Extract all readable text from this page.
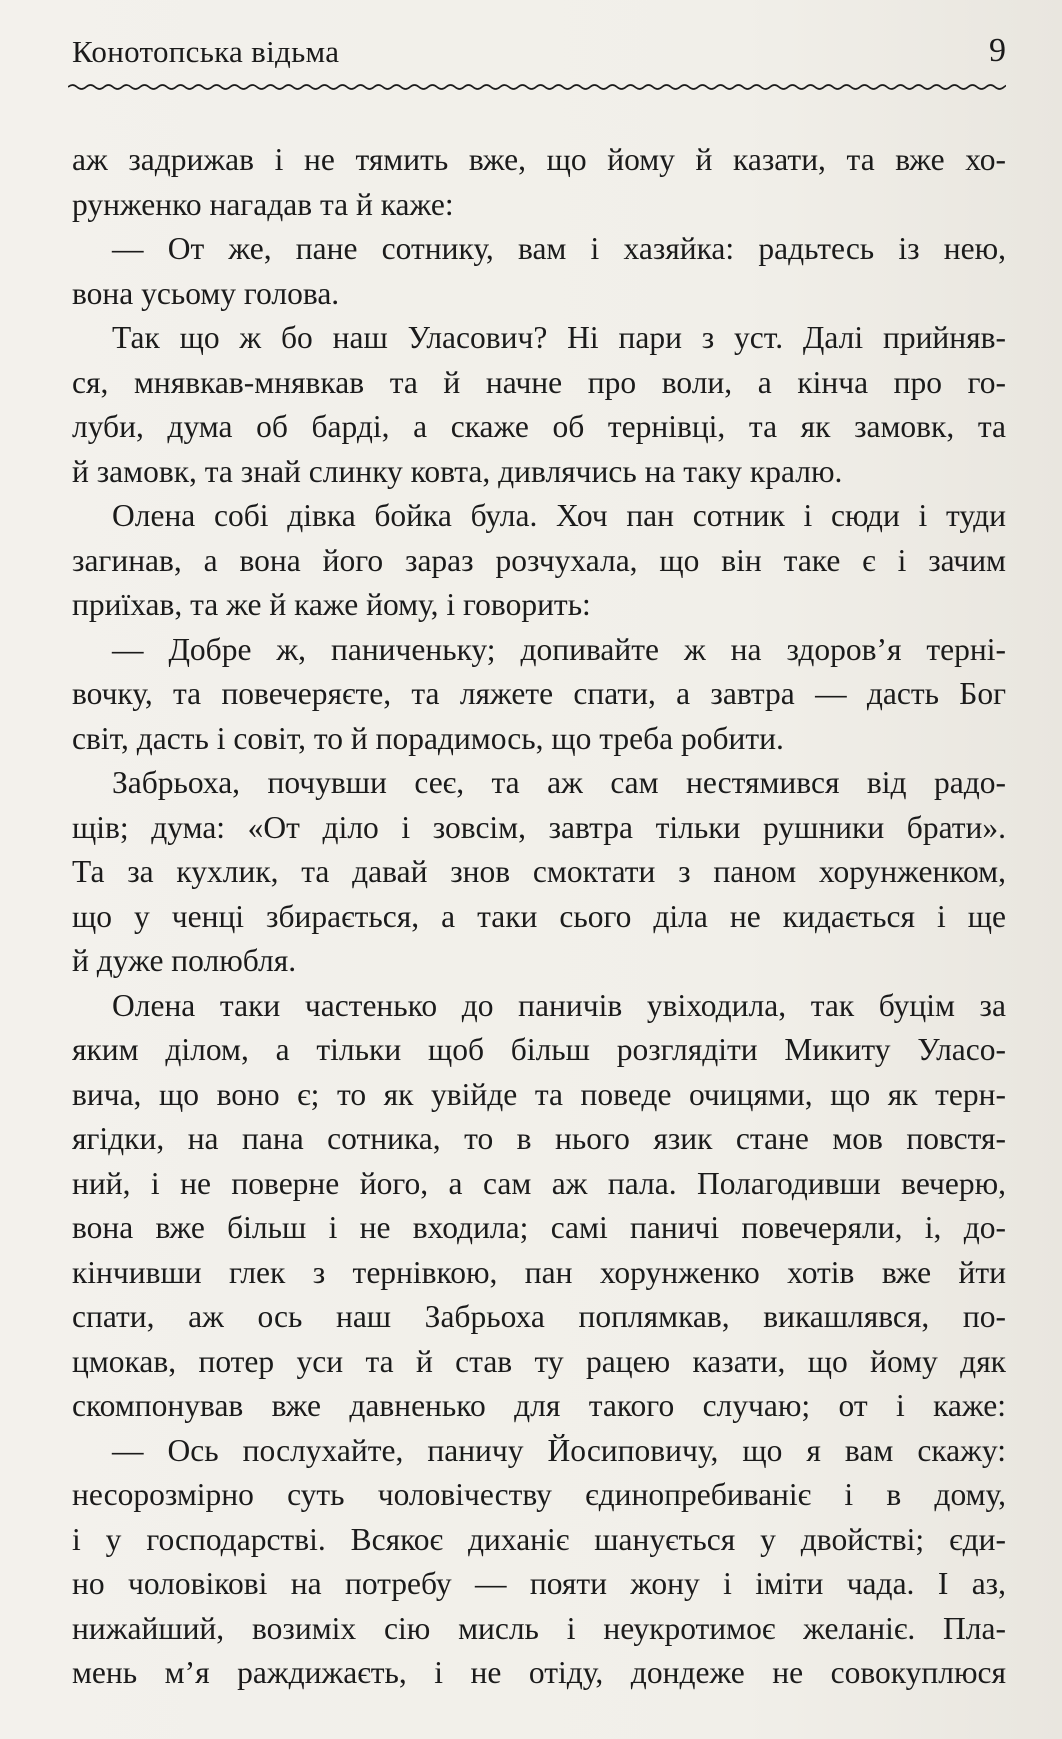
Конотопська відьма	9
аж задрижав і не тямить вже, що йому й казати, та вже хо-
рунженко нагадав та й каже:
— От же, пане сотнику, вам і хазяйка: радьтесь із нею,
вона усьому голова.
Так що ж бо наш Уласович? Ні пари з уст. Далі прийняв-
ся, мнявкав-мнявкав та й начне про воли, а кінча про го-
луби, дума об барді, а скаже об тернівці, та як замовк, та
й замовк, та знай слинку ковта, дивлячись на таку кралю.
Олена собі дівка бойка була. Хоч пан сотник і сюди і туди
загинав, а вона його зараз розчухала, що він таке є і зачим
приїхав, та же й каже йому, і говорить:
— Добре ж, паниченьку; допивайте ж на здоров’я терні-
вочку, та повечеряєте, та ляжете спати, а завтра — дасть Бог
світ, дасть і совіт, то й порадимось, що треба робити.
Забрьоха, почувши сеє, та аж сам нестямився від радо-
щів; дума: «От діло і зовсім, завтра тільки рушники брати».
Та за кухлик, та давай знов смоктати з паном хорунженком,
що у ченці збирається, а таки сього діла не кидається і ще
й дуже полюбля.
Олена таки частенько до паничів увіходила, так буцім за
яким ділом, а тільки щоб більш розглядіти Микиту Уласо-
вича, що воно є; то як увійде та поведе очицями, що як терн-
ягідки, на пана сотника, то в нього язик стане мов повстя-
ний, і не поверне його, а сам аж пала. Полагодивши вечерю,
вона вже більш і не входила; самі паничі повечеряли, і, до-
кінчивши глек з тернівкою, пан хорунженко хотів вже йти
спати, аж ось наш Забрьоха поплямкав, викашлявся, по-
цмокав, потер уси та й став ту рацею казати, що йому дяк
скомпонував вже давненько для такого случаю; от і каже:
— Ось послухайте, паничу Йосиповичу, що я вам скажу:
несорозмірно суть чоловічеству єдинопребиваніє і в дому,
і у господарстві. Всякоє диханіє шанується у двойстві; єди-
но чоловікові на потребу — пояти жону і іміти чада. І аз,
нижайший, возиміх сію мисль і неукротимоє желаніє. Пла-
мень м’я раждижаєть, і не отіду, дондеже не совокуплюся
